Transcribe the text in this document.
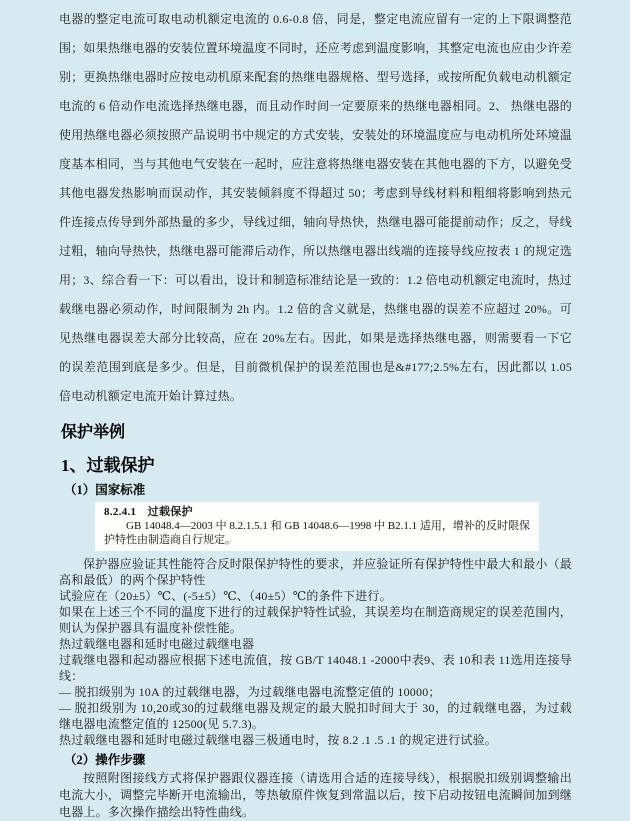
电器的整定电流可取电动机额定电流的 0.6-0.8 倍，同是，整定电流应留有一定的上下限调整范围；如果热继电器的安装位置环境温度不同时，还应考虑到温度影响，其整定电流也应由少许差别；更换热继电器时应按电动机原来配套的热继电器规格、型号选择，或按所配负载电动机额定电流的 6 倍动作电流选择热继电器，而且动作时间一定要原来的热继电器相同。2、 热继电器的使用热继电器必须按照产品说明书中规定的方式安装，安装处的环境温度应与电动机所处环境温度基本相同，当与其他电气安装在一起时，应注意将热继电器安装在其他电器的下方，以避免受其他电器发热影响而误动作，其安装倾斜度不得超过 50；考虑到导线材料和粗细将影响到热元件连接点传导到外部热量的多少，导线过细，轴向导热快，热继电器可能提前动作；反之，导线过粗，轴向导热快，热继电器可能滞后动作，所以热继电器出线端的连接导线应按表 1 的规定选用；3、综合看一下：可以看出，设计和制造标准结论是一致的：1.2 倍电动机额定电流时，热过载继电器必须动作，时间限制为 2h 内。1.2 倍的含义就是，热继电器的误差不应超过 20%。可见热继电器误差大部分比较高，应在 20%左右。因此，如果是选择热继电器，则需要看一下它的误差范围到底是多少。但是，目前微机保护的误差范围也是&#177;2.5%左右，因此都以 1.05 倍电动机额定电流开始计算过热。

保护举例
1、过载保护
（1）国家标准
8.2.4.1　过载保护

GB 14048.4—2003 中 8.2.1.5.1 和 GB 14048.6—1998 中 B2.1.1 适用，增补的反时限保护特性由制造商自行规定。

保护器应验证其性能符合反时限保护特性的要求，并应验证所有保护特性中最大和最小（最高和最低）的两个保护特性

试验应在（20±5）℃、(-5±5）℃、（40±5）℃的条件下进行。

如果在上述三个不同的温度下进行的过载保护特性试验，其误差均在制造商规定的误差范围内，则认为保护器具有温度补偿性能。

热过载继电器和延时电磁过载继电器

过载继电器和起动器应根据下述电流值，按 GB/T 14048.1 -2000中表9、表 10和表 11选用连接导线：

— 脱扣级别为 10A 的过载继电器，为过载继电器电流整定值的 10000；

— 脱扣级别为 10,20或30的过载继电器及规定的最大脱扣时间大于 30，的过载继电器，为过载继电器电流整定值的 12500(见 5.7.3)。

热过载继电器和延时电磁过载继电器三极通电时，按 8.2 .1 .5 .1 的规定进行试验。

（2）操作步骤

按照附图接线方式将保护器跟仪器连接（请选用合适的连接导线），根据脱扣级别调整输出电流大小，调整完毕断开电流输出，等热敏原件恢复到常温以后，按下启动按钮电流瞬间加到继电器上。多次操作描绘出特性曲线。
